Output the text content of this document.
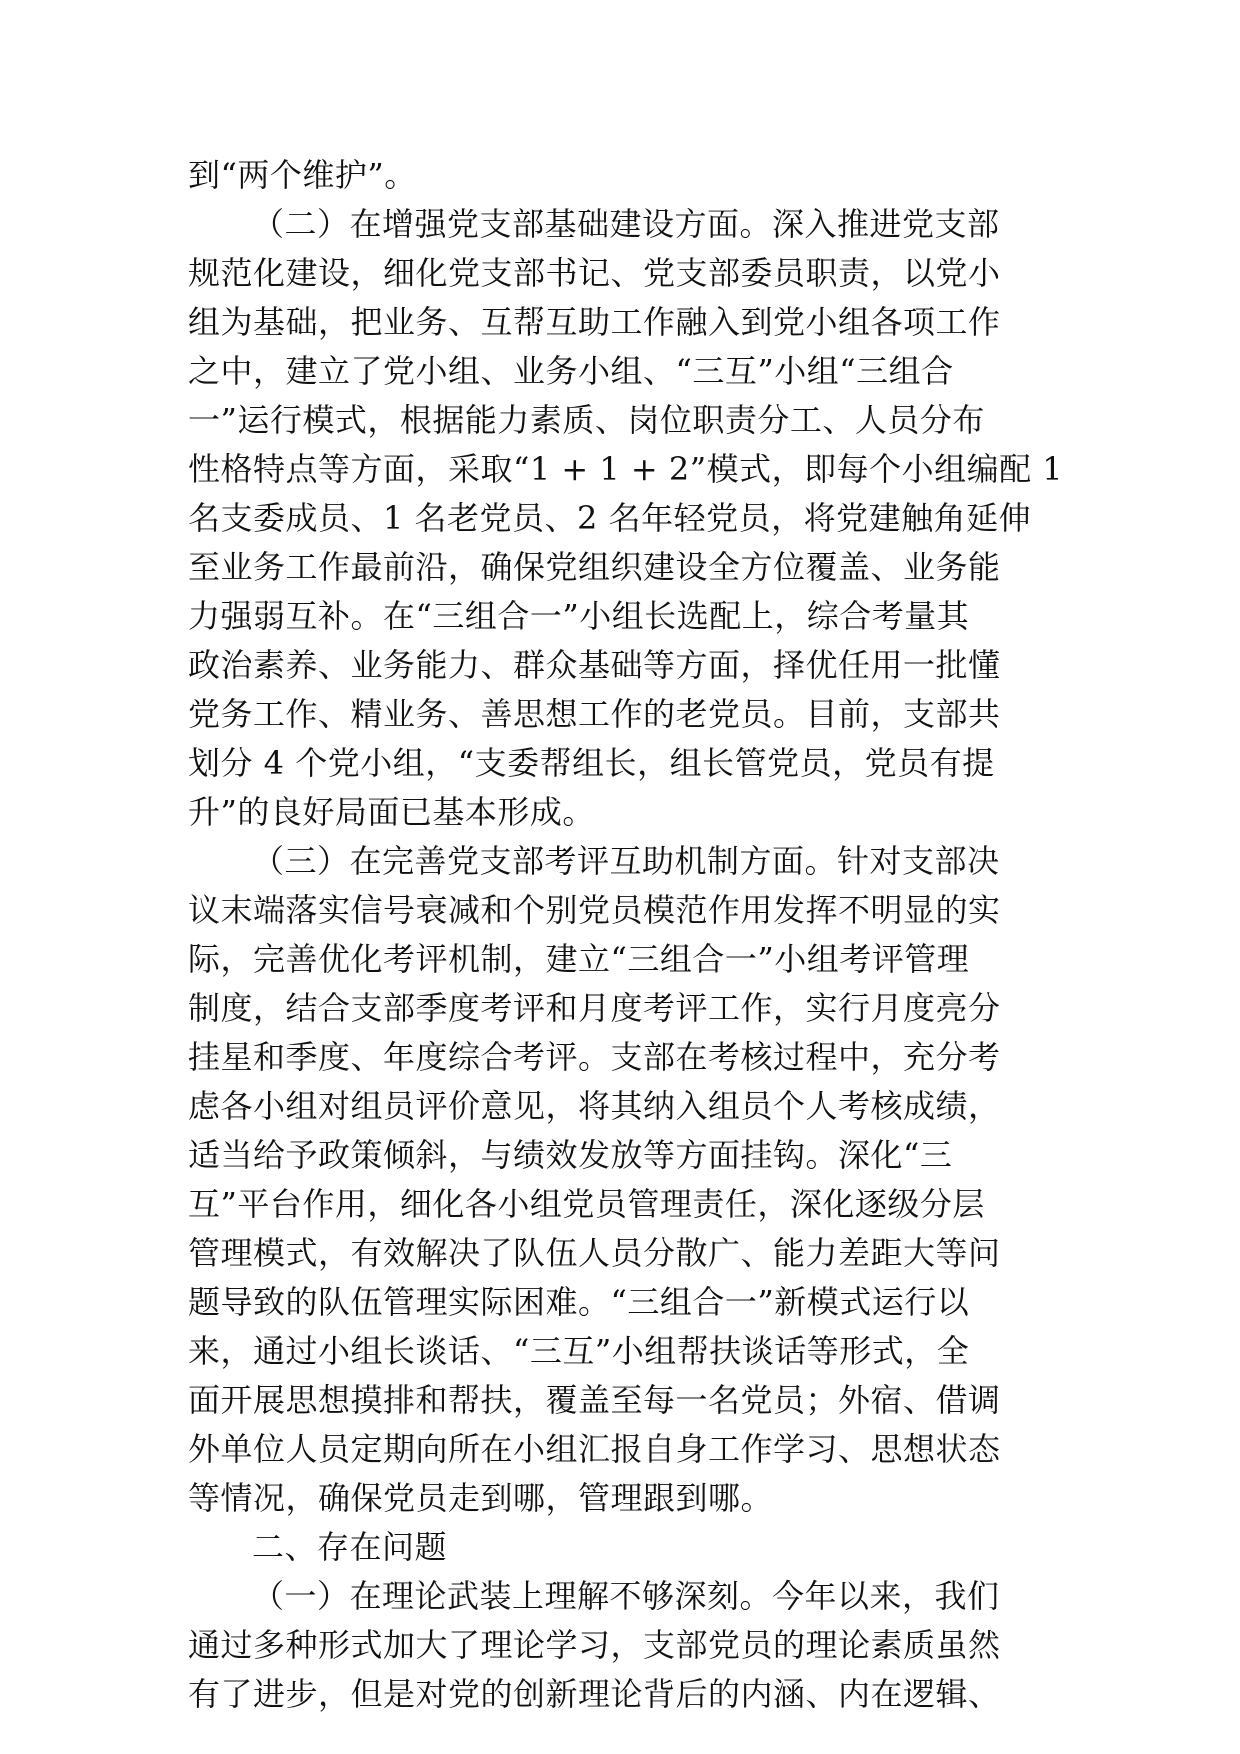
到“两个维护”。
（二）在增强党支部基础建设方面。深入推进党支部
规范化建设，细化党支部书记、党支部委员职责，以党小
组为基础，把业务、互帮互助工作融入到党小组各项工作
之中，建立了党小组、业务小组、“三互”小组“三组合
一”运行模式，根据能力素质、岗位职责分工、人员分布
性格特点等方面，采取“1 + 1 + 2”模式，即每个小组编配 1
名支委成员、1 名老党员、2 名年轻党员，将党建触角延伸
至业务工作最前沿，确保党组织建设全方位覆盖、业务能
力强弱互补。在“三组合一”小组长选配上，综合考量其
政治素养、业务能力、群众基础等方面，择优任用一批懂
党务工作、精业务、善思想工作的老党员。目前，支部共
划分 4 个党小组，“支委帮组长，组长管党员，党员有提
升”的良好局面已基本形成。
（三）在完善党支部考评互助机制方面。针对支部决
议末端落实信号衰减和个别党员模范作用发挥不明显的实
际，完善优化考评机制，建立“三组合一”小组考评管理
制度，结合支部季度考评和月度考评工作，实行月度亮分
挂星和季度、年度综合考评。支部在考核过程中，充分考
虑各小组对组员评价意见，将其纳入组员个人考核成绩，
适当给予政策倾斜，与绩效发放等方面挂钩。深化“三
互”平台作用，细化各小组党员管理责任，深化逐级分层
管理模式，有效解决了队伍人员分散广、能力差距大等问
题导致的队伍管理实际困难。“三组合一”新模式运行以
来，通过小组长谈话、“三互”小组帮扶谈话等形式，全
面开展思想摸排和帮扶，覆盖至每一名党员；外宿、借调
外单位人员定期向所在小组汇报自身工作学习、思想状态
等情况，确保党员走到哪，管理跟到哪。
二、存在问题
（一）在理论武装上理解不够深刻。今年以来，我们
通过多种形式加大了理论学习，支部党员的理论素质虽然
有了进步，但是对党的创新理论背后的内涵、内在逻辑、
